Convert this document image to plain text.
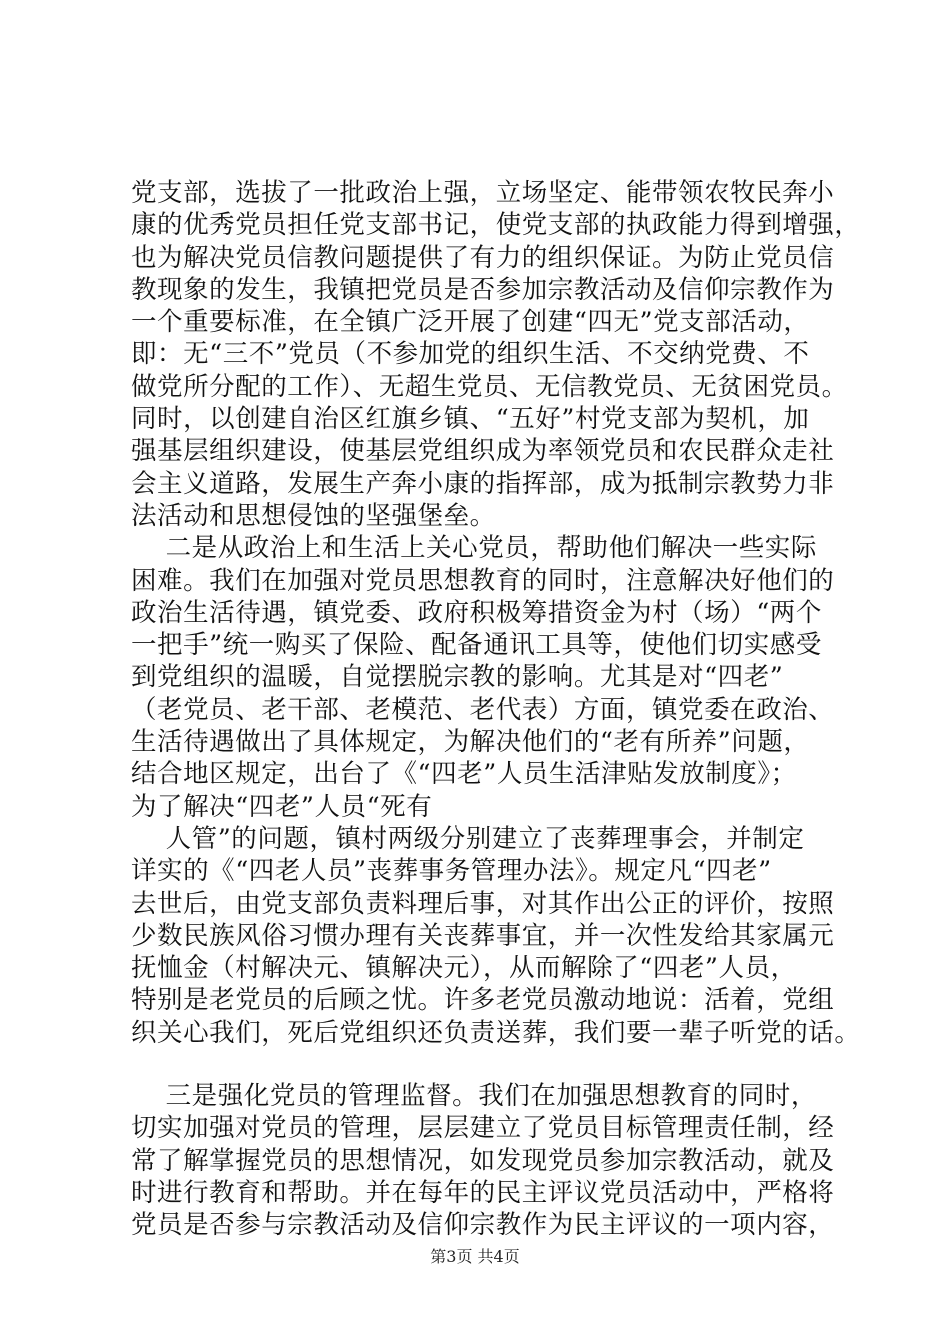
党支部，选拔了一批政治上强，立场坚定、能带领农牧民奔小
康的优秀党员担任党支部书记，使党支部的执政能力得到增强，
也为解决党员信教问题提供了有力的组织保证。为防止党员信
教现象的发生，我镇把党员是否参加宗教活动及信仰宗教作为
一个重要标准，在全镇广泛开展了创建“四无”党支部活动，
即：无“三不”党员（不参加党的组织生活、不交纳党费、不
做党所分配的工作）、无超生党员、无信教党员、无贫困党员。
同时，以创建自治区红旗乡镇、“五好”村党支部为契机，加
强基层组织建设，使基层党组织成为率领党员和农民群众走社
会主义道路，发展生产奔小康的指挥部，成为抵制宗教势力非
法活动和思想侵蚀的坚强堡垒。
二是从政治上和生活上关心党员，帮助他们解决一些实际
困难。我们在加强对党员思想教育的同时，注意解决好他们的
政治生活待遇，镇党委、政府积极筹措资金为村（场）“两个
一把手”统一购买了保险、配备通讯工具等，使他们切实感受
到党组织的温暖，自觉摆脱宗教的影响。尤其是对“四老”
（老党员、老干部、老模范、老代表）方面，镇党委在政治、
生活待遇做出了具体规定，为解决他们的“老有所养”问题，
结合地区规定，出台了《“四老”人员生活津贴发放制度》；
为了解决“四老”人员“死有
人管”的问题，镇村两级分别建立了丧葬理事会，并制定
详实的《“四老人员”丧葬事务管理办法》。规定凡“四老”
去世后，由党支部负责料理后事，对其作出公正的评价，按照
少数民族风俗习惯办理有关丧葬事宜，并一次性发给其家属元
抚恤金（村解决元、镇解决元），从而解除了“四老”人员，
特别是老党员的后顾之忧。许多老党员激动地说：活着，党组
织关心我们，死后党组织还负责送葬，我们要一辈子听党的话。
三是强化党员的管理监督。我们在加强思想教育的同时，
切实加强对党员的管理，层层建立了党员目标管理责任制，经
常了解掌握党员的思想情况，如发现党员参加宗教活动，就及
时进行教育和帮助。并在每年的民主评议党员活动中，严格将
党员是否参与宗教活动及信仰宗教作为民主评议的一项内容，
第3页 共4页
